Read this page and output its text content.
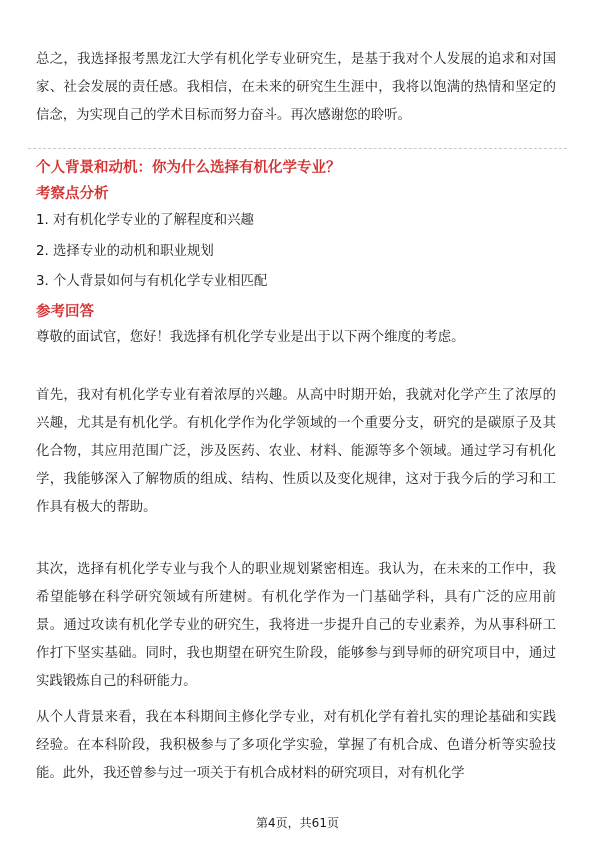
总之，我选择报考黑龙江大学有机化学专业研究生，是基于我对个人发展的追求和对国家、社会发展的责任感。我相信，在未来的研究生生涯中，我将以饱满的热情和坚定的信念，为实现自己的学术目标而努力奋斗。再次感谢您的聆听。

个人背景和动机：你为什么选择有机化学专业？
考察点分析

1. 对有机化学专业的了解程度和兴趣

2. 选择专业的动机和职业规划

3. 个人背景如何与有机化学专业相匹配

参考回答

尊敬的面试官，您好！我选择有机化学专业是出于以下两个维度的考虑。

首先，我对有机化学专业有着浓厚的兴趣。从高中时期开始，我就对化学产生了浓厚的兴趣，尤其是有机化学。有机化学作为化学领域的一个重要分支，研究的是碳原子及其化合物，其应用范围广泛，涉及医药、农业、材料、能源等多个领域。通过学习有机化学，我能够深入了解物质的组成、结构、性质以及变化规律，这对于我今后的学习和工作具有极大的帮助。

其次，选择有机化学专业与我个人的职业规划紧密相连。我认为，在未来的工作中，我希望能够在科学研究领域有所建树。有机化学作为一门基础学科，具有广泛的应用前景。通过攻读有机化学专业的研究生，我将进一步提升自己的专业素养，为从事科研工作打下坚实基础。同时，我也期望在研究生阶段，能够参与到导师的研究项目中，通过实践锻炼自己的科研能力。

从个人背景来看，我在本科期间主修化学专业，对有机化学有着扎实的理论基础和实践经验。在本科阶段，我积极参与了多项化学实验，掌握了有机合成、色谱分析等实验技能。此外，我还曾参与过一项关于有机合成材料的研究项目，对有机化学

第4页，共61页
